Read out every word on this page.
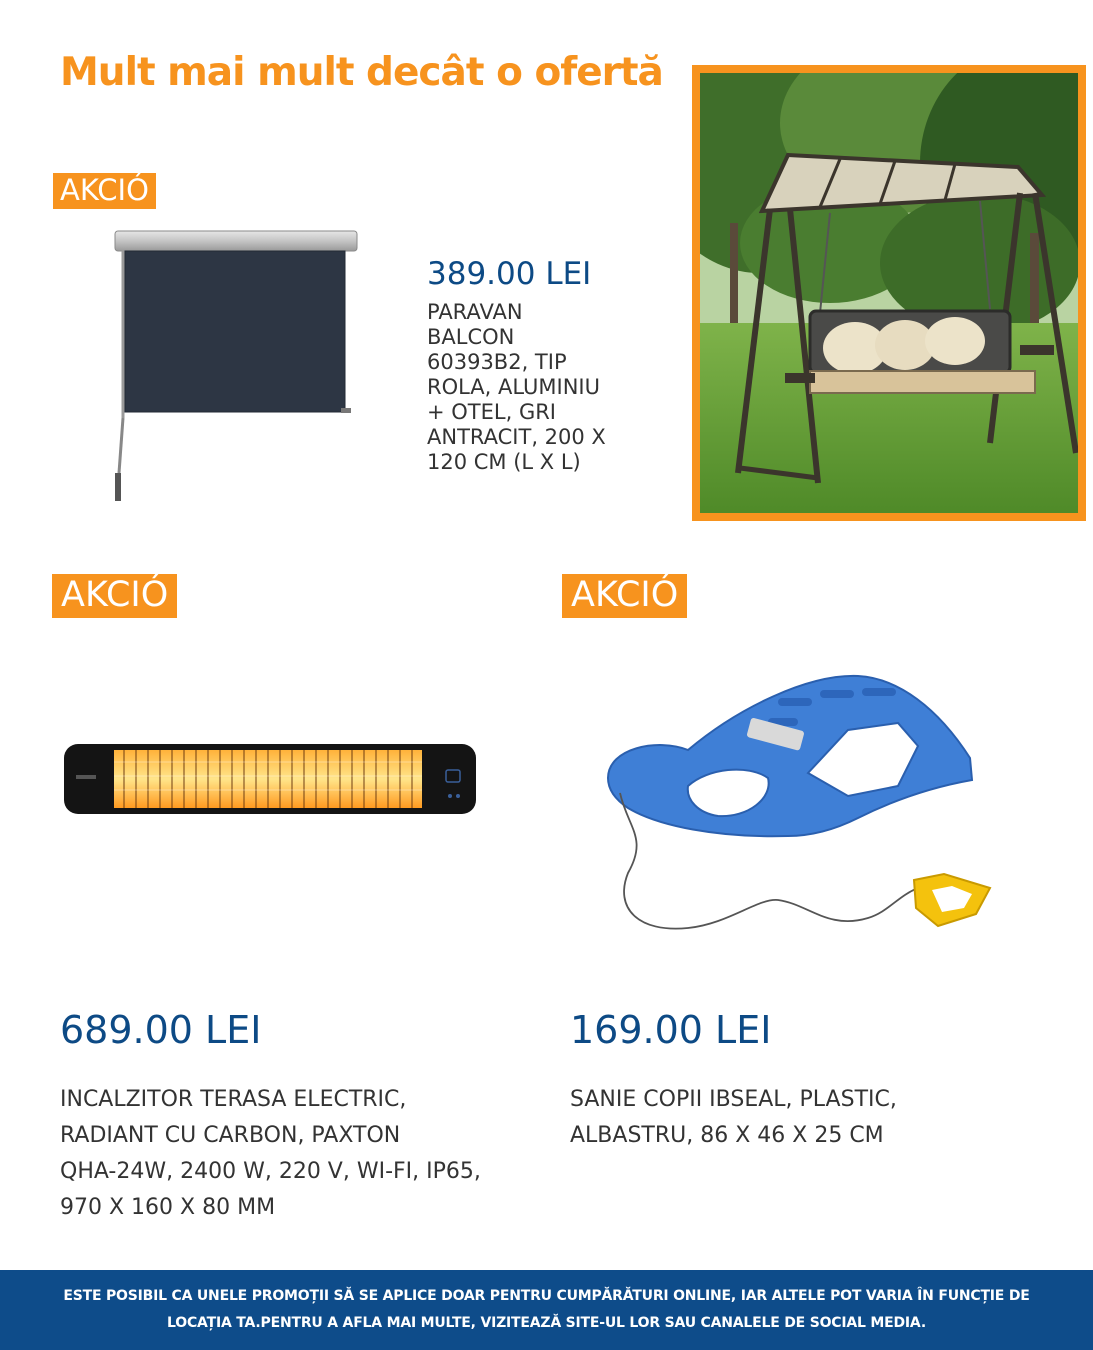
Mult mai mult decât o ofertă
AKCIÓ
389.00 LEI
PARAVAN
BALCON
60393B2, TIP
ROLA, ALUMINIU
+ OTEL, GRI
ANTRACIT, 200 X
120 CM (L X L)
AKCIÓ
689.00 LEI
INCALZITOR TERASA ELECTRIC,
RADIANT CU CARBON, PAXTON
QHA-24W, 2400 W, 220 V, WI-FI, IP65,
970 X 160 X 80 MM
AKCIÓ
169.00 LEI
SANIE COPII IBSEAL, PLASTIC,
ALBASTRU, 86 X 46 X 25 CM

ESTE POSIBIL CA UNELE PROMOȚII SĂ SE APLICE DOAR PENTRU CUMPĂRĂTURI ONLINE, IAR ALTELE POT VARIA ÎN FUNCȚIE DE
LOCAȚIA TA.PENTRU A AFLA MAI MULTE, VIZITEAZĂ SITE-UL LOR SAU CANALELE DE SOCIAL MEDIA.
